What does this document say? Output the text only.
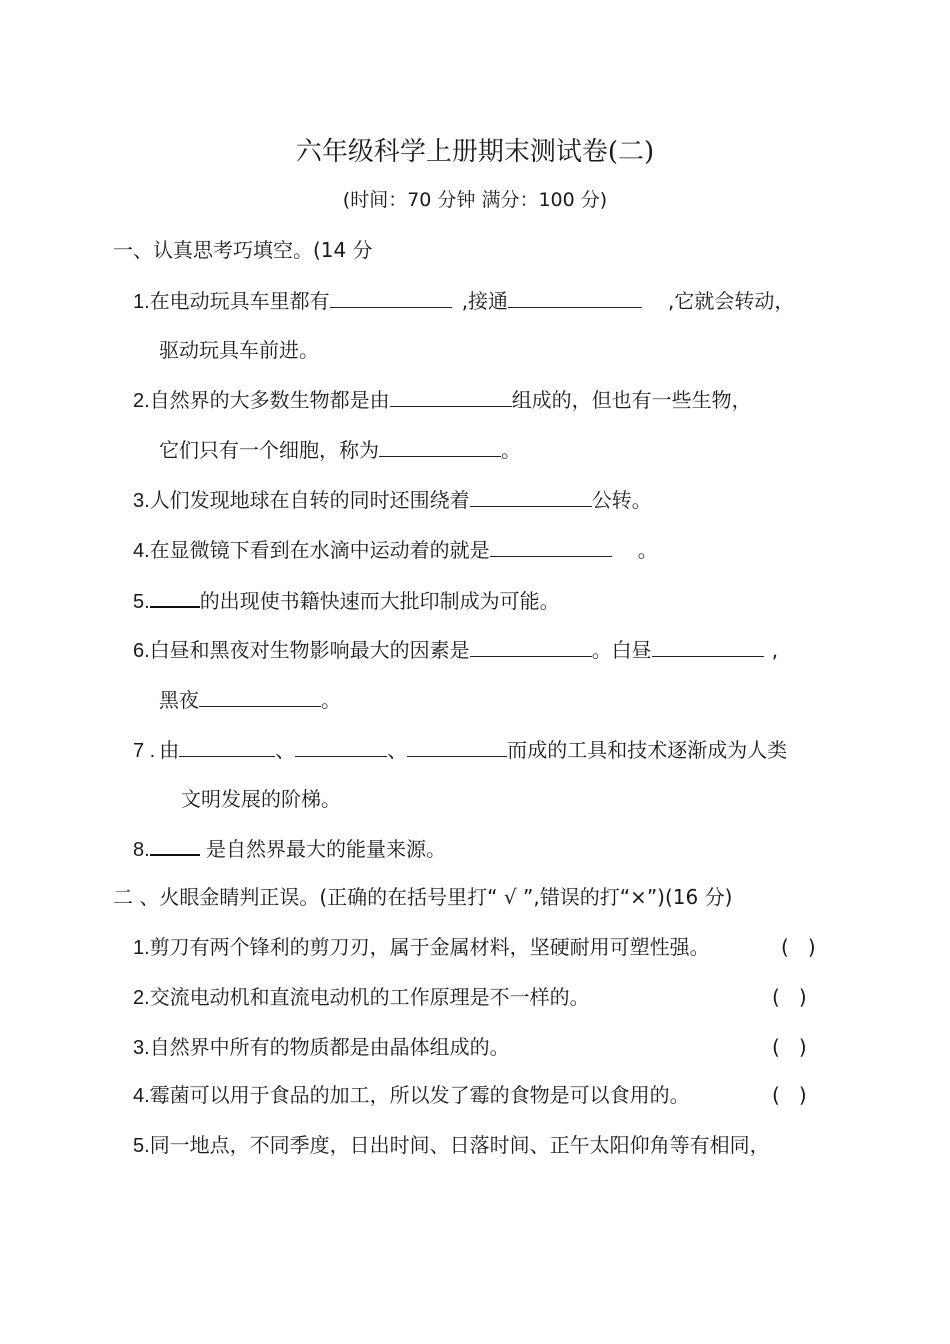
六年级科学上册期末测试卷(二)
(时间：70 分钟 满分：100 分)
一、认真思考巧填空。(14 分
1.在电动玩具车里都有	,接通	,它就会转动，
驱动玩具车前进。
2.自然界的大多数生物都是由	组成的，但也有一些生物，
它们只有一个细胞，称为	。
3.人们发现地球在自转的同时还围绕着	公转。
4.在显微镜下看到在水滴中运动着的就是	。
5.	的出现使书籍快速而大批印制成为可能。
6.白昼和黑夜对生物影响最大的因素是	。白昼	,
黑夜	。
7 . 由	、	、	而成的工具和技术逐渐成为人类
文明发展的阶梯。
8.	是自然界最大的能量来源。
二 、火眼金睛判正误。(正确的在括号里打“ √ ”,错误的打“×”)(16 分)
1.剪刀有两个锋利的剪刀刃，属于金属材料，坚硬耐用可塑性强。	(   )
2.交流电动机和直流电动机的工作原理是不一样的。	(   )
3.自然界中所有的物质都是由晶体组成的。	(   )
4.霉菌可以用于食品的加工，所以发了霉的食物是可以食用的。	(   )
5.同一地点，不同季度，日出时间、日落时间、正午太阳仰角等有相同，
